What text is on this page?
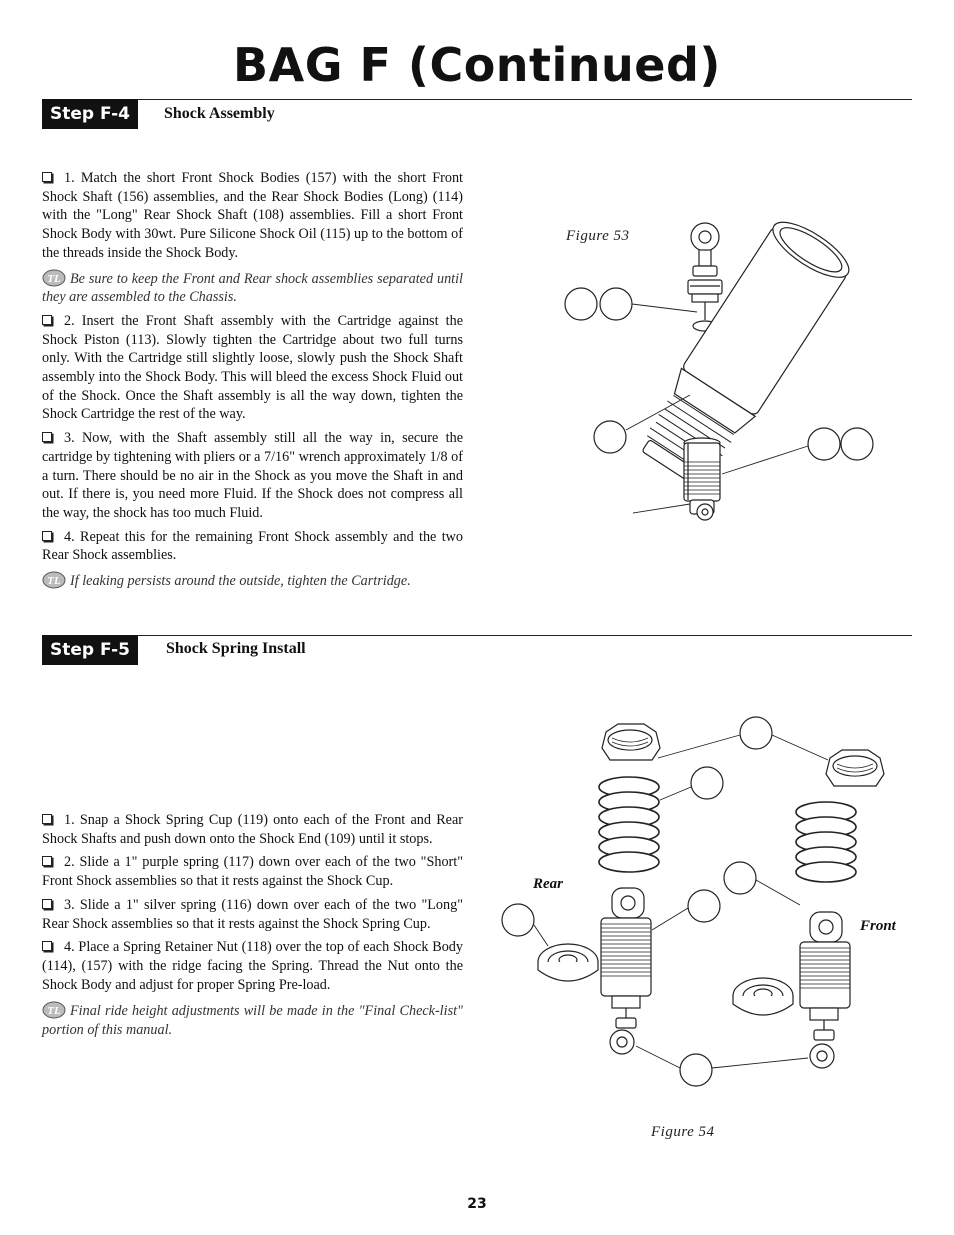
BAG F (Continued)
Step F-4	Shock Assembly

1. Match the short Front Shock Bodies (157) with the short Front Shock Shaft (156) assemblies, and the Rear Shock Bodies (Long) (114) with the "Long" Rear Shock Shaft (108) assemblies. Fill a short Front Shock Body with 30wt. Pure Silicone Shock Oil (115) up to the bottom of the threads inside the Shock Body.

TL Be sure to keep the Front and Rear shock assemblies separated until they are assembled to the Chassis.

2. Insert the Front Shaft assembly with the Cartridge against the Shock Piston (113). Slowly tighten the Cartridge about two full turns only. With the Cartridge still slightly loose, slowly push the Shock Shaft assembly into the Shock Body. This will bleed the excess Shock Fluid out of the Shock. Once the Shaft assembly is all the way down, tighten the Shock Cartridge the rest of the way.

3. Now, with the Shaft assembly still all the way in, secure the cartridge by tightening with pliers or a 7/16" wrench approximately 1/8 of a turn. There should be no air in the Shock as you move the Shaft in and out. If there is, you need more Fluid. If the Shock does not compress all the way, the shock has too much Fluid.

4. Repeat this for the remaining Front Shock assembly and the two Rear Shock assemblies.

TL If leaking persists around the outside, tighten the Cartridge.

Figure 53
Step F-5	Shock Spring Install

1. Snap a Shock Spring Cup (119) onto each of the Front and Rear Shock Shafts and push down onto the Shock End (109) until it stops.

2. Slide a 1" purple spring (117) down over each of the two "Short" Front Shock assemblies so that it rests against the Shock Cup.

3. Slide a 1" silver spring (116) down over each of the two "Long" Rear Shock assemblies so that it rests against the Shock Spring Cup.

4. Place a Spring Retainer Nut (118) over the top of each Shock Body (114), (157) with the ridge facing the Spring. Thread the Nut onto the Shock Body and adjust for proper Spring Pre-load.

TL Final ride height adjustments will be made in the "Final Check-list" portion of this manual.

Rear
Front
Figure 54
23
